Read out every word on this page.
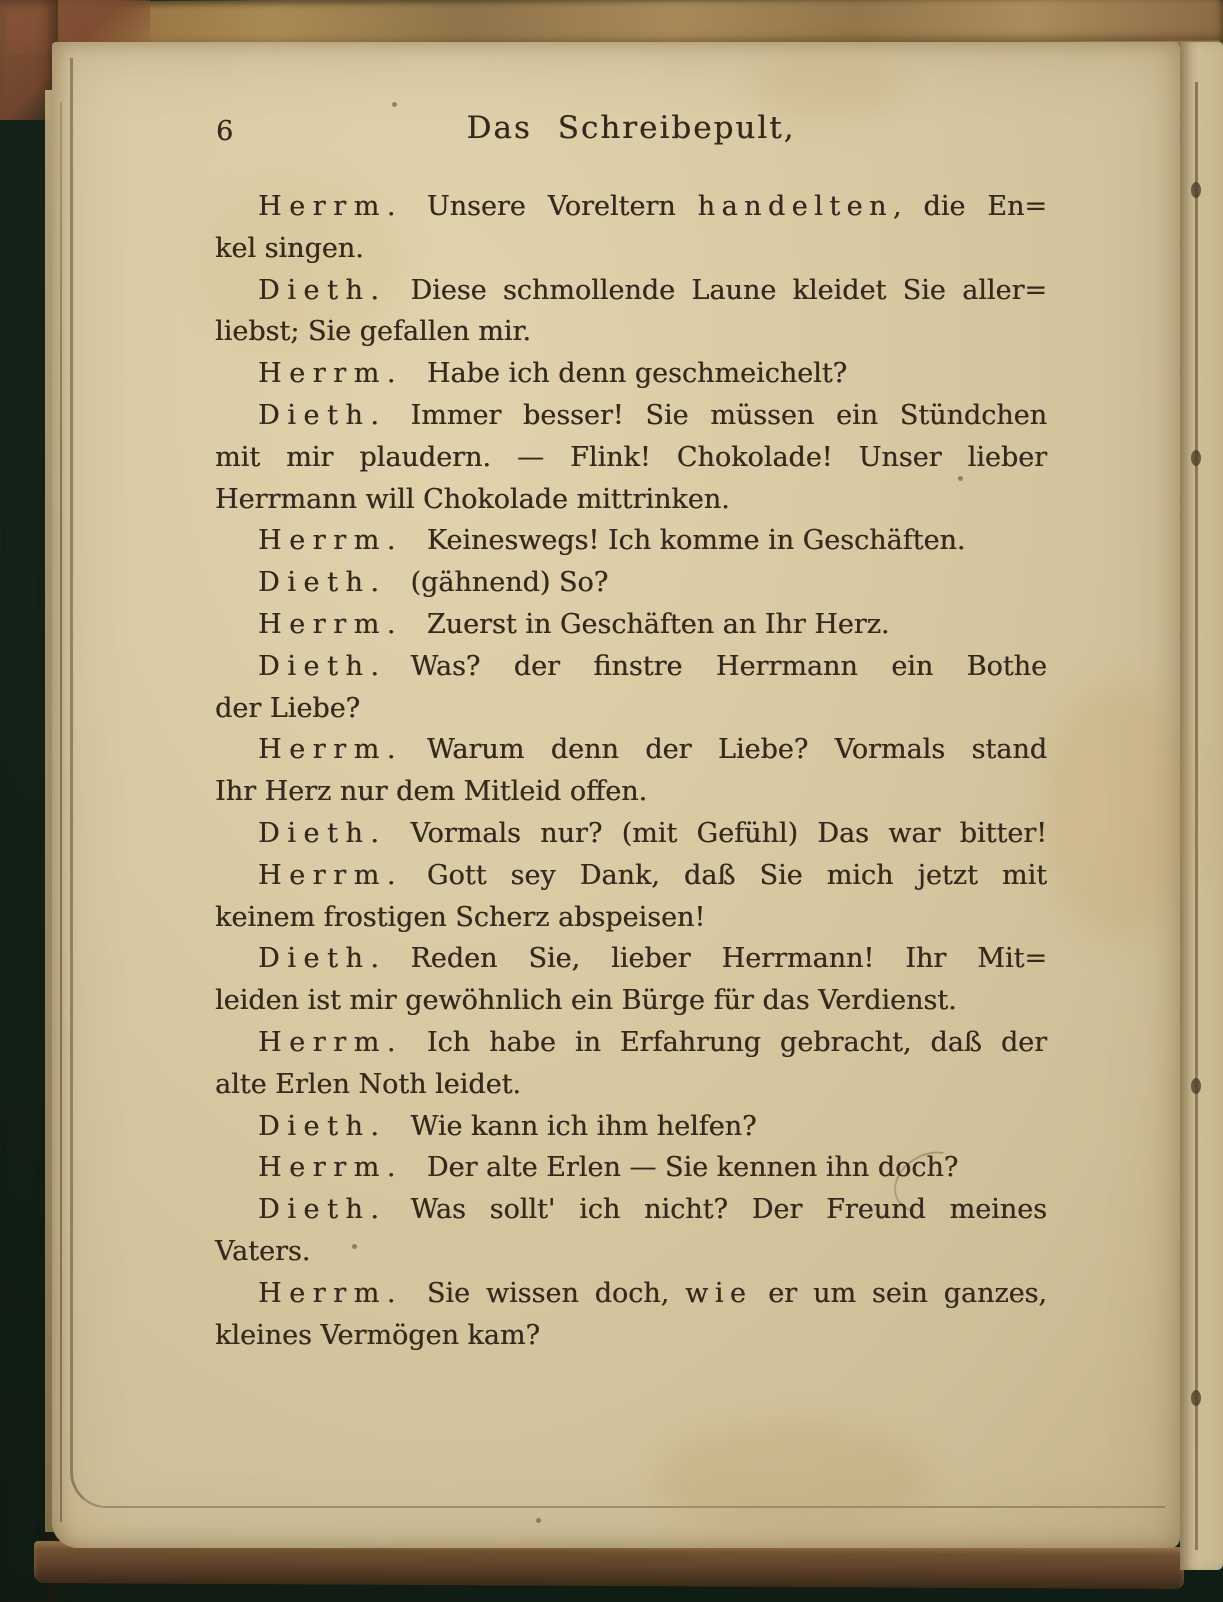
6	Das Schreibepult,
Herrm. Unsere Voreltern handelten, die En=
kel singen.
Dieth. Diese schmollende Laune kleidet Sie aller=
liebst; Sie gefallen mir.
Herrm. Habe ich denn geschmeichelt?
Dieth. Immer besser! Sie müssen ein Stündchen
mit mir plaudern. — Flink! Chokolade! Unser lieber
Herrmann will Chokolade mittrinken.
Herrm. Keineswegs! Ich komme in Geschäften.
Dieth. (gähnend) So?
Herrm. Zuerst in Geschäften an Ihr Herz.
Dieth. Was? der finstre Herrmann ein Bothe
der Liebe?
Herrm. Warum denn der Liebe? Vormals stand
Ihr Herz nur dem Mitleid offen.
Dieth. Vormals nur? (mit Gefühl) Das war bitter!
Herrm. Gott sey Dank, daß Sie mich jetzt mit
keinem frostigen Scherz abspeisen!
Dieth. Reden Sie, lieber Herrmann! Ihr Mit=
leiden ist mir gewöhnlich ein Bürge für das Verdienst.
Herrm. Ich habe in Erfahrung gebracht, daß der
alte Erlen Noth leidet.
Dieth. Wie kann ich ihm helfen?
Herrm. Der alte Erlen — Sie kennen ihn doch?
Dieth. Was sollt' ich nicht? Der Freund meines
Vaters.
Herrm. Sie wissen doch, wie er um sein ganzes,
kleines Vermögen kam?
